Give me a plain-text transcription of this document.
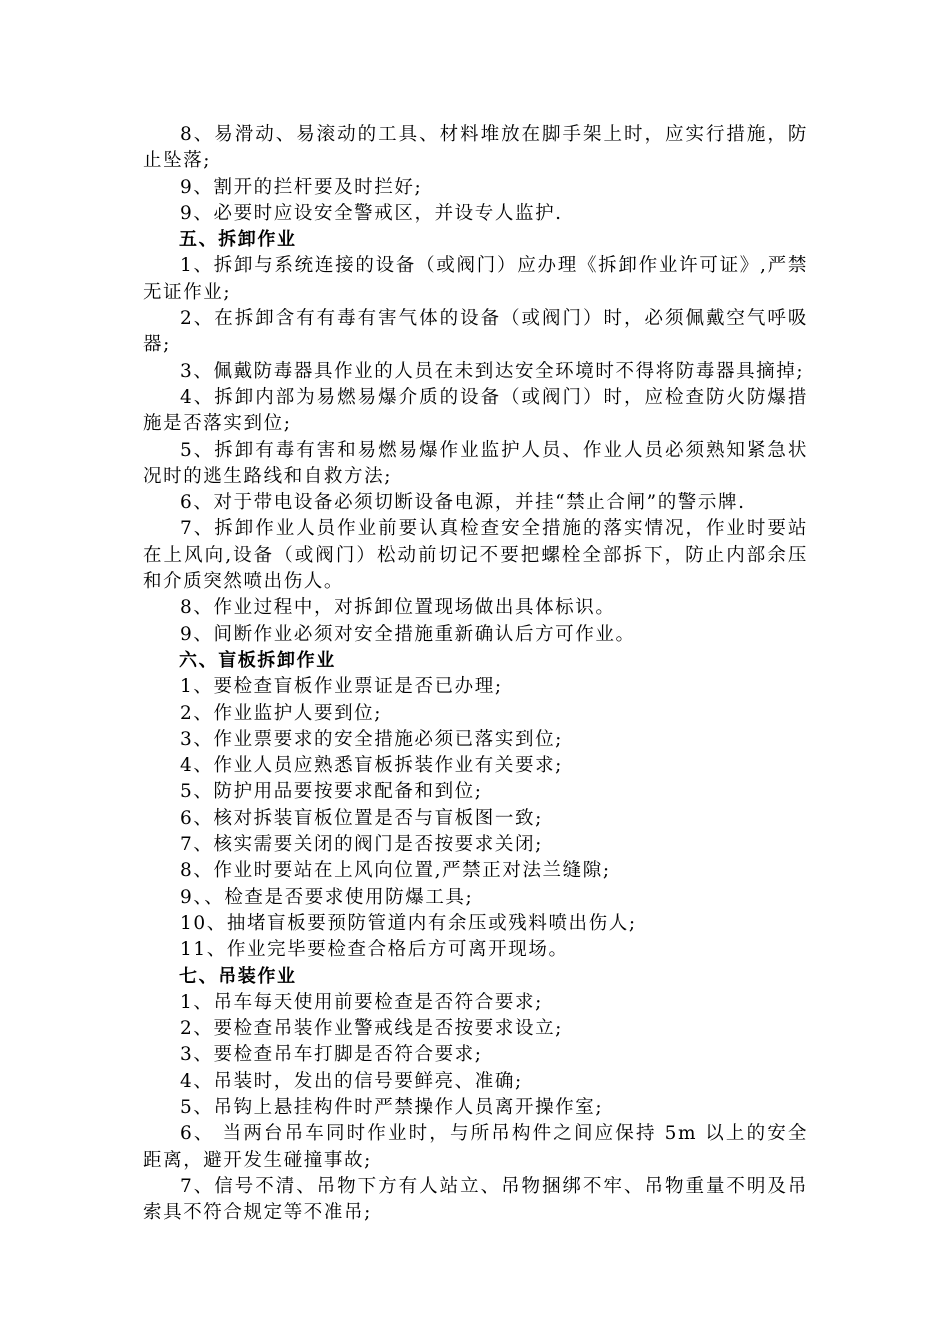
8、易滑动、易滚动的工具、材料堆放在脚手架上时，应实行措施，防止坠落;

9、割开的拦杆要及时拦好;

9、必要时应设安全警戒区，并设专人监护.

五、拆卸作业

1、拆卸与系统连接的设备（或阀门）应办理《拆卸作业许可证》,严禁无证作业;

2、在拆卸含有有毒有害气体的设备（或阀门）时，必须佩戴空气呼吸器;

3、佩戴防毒器具作业的人员在未到达安全环境时不得将防毒器具摘掉;

4、拆卸内部为易燃易爆介质的设备（或阀门）时，应检查防火防爆措施是否落实到位;

5、拆卸有毒有害和易燃易爆作业监护人员、作业人员必须熟知紧急状况时的逃生路线和自救方法;

6、对于带电设备必须切断设备电源，并挂“禁止合闸”的警示牌.

7、拆卸作业人员作业前要认真检查安全措施的落实情况，作业时要站在上风向,设备（或阀门）松动前切记不要把螺栓全部拆下，防止内部余压和介质突然喷出伤人。

8、作业过程中，对拆卸位置现场做出具体标识。

9、间断作业必须对安全措施重新确认后方可作业。

六、盲板拆卸作业

1、要检查盲板作业票证是否已办理;

2、作业监护人要到位;

3、作业票要求的安全措施必须已落实到位;

4、作业人员应熟悉盲板拆装作业有关要求;

5、防护用品要按要求配备和到位;

6、核对拆装盲板位置是否与盲板图一致;

7、核实需要关闭的阀门是否按要求关闭;

8、作业时要站在上风向位置,严禁正对法兰缝隙;

9、、检查是否要求使用防爆工具;

10、抽堵盲板要预防管道内有余压或残料喷出伤人;

11、作业完毕要检查合格后方可离开现场。

七、吊装作业

1、吊车每天使用前要检查是否符合要求;

2、要检查吊装作业警戒线是否按要求设立;

3、要检查吊车打脚是否符合要求;

4、吊装时，发出的信号要鲜亮、准确;

5、吊钩上悬挂构件时严禁操作人员离开操作室;

6、 当两台吊车同时作业时，与所吊构件之间应保持 5m 以上的安全距离，避开发生碰撞事故;

7、信号不清、吊物下方有人站立、吊物捆绑不牢、吊物重量不明及吊索具不符合规定等不准吊;
